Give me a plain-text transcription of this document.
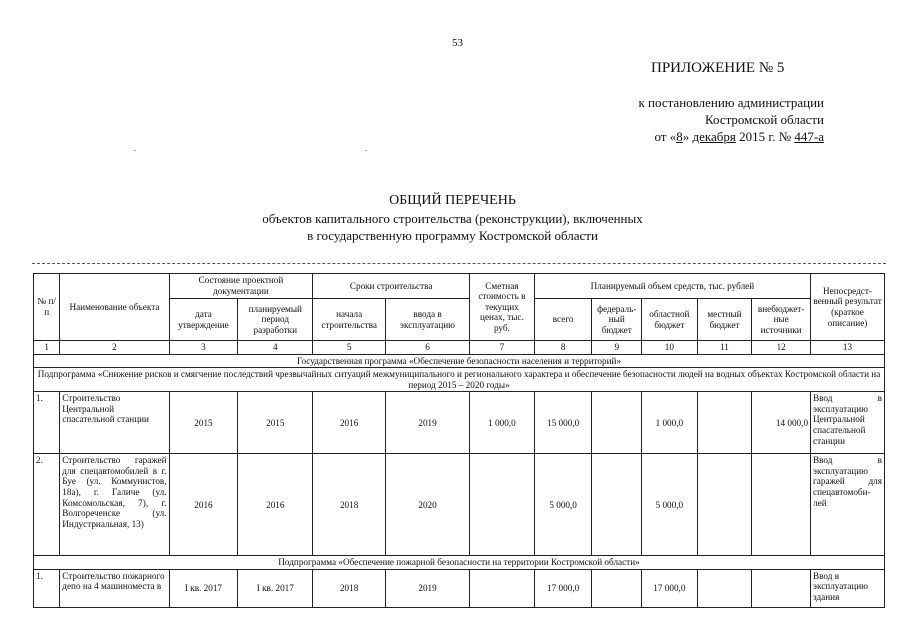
53
ПРИЛОЖЕНИЕ № 5
к постановлению администрации
Костромской области
от «8» декабря 2015 г. № 447-а
.	.
ОБЩИЙ ПЕРЕЧЕНЬ
объектов капитального строительства (реконструкции), включенных
в государственную программу Костромской области
№ п/п	Наименование объекта	Состояние проектной документации		Сроки строительства		Сметная стоимость в текущих ценах, тыс. руб.	Планируемый объем средств, тыс. рублей					Непосредст-венный результат (краткое описание)
		дата утверждение	планируемый период разработки	начала строительства	ввода в эксплуатацию		всего	федераль-ный бюджет	областной бюджет	местный бюджет	внебюджет-ные источники	
1	2	3	4	5	6	7	8	9	10	11	12	13
Государственная программа «Обеспечение безопасности населения и территорий»												
Подпрограмма «Снижение рисков и смягчение последствий чрезвычайных ситуаций межмуниципального и регионального характера и обеспечение безопасности людей на водных объектах Костромской области на период 2015 – 2020 годы»												
1.	Строительство Центральной спасательной станции	2015	2015	2016	2019	1 000,0	15 000,0		1 000,0		14 000,0	Ввод в эксплуатацию Центральной спасательной станции
2.	Строительство гаражей для спецавтомобилей в г. Буе (ул. Коммунистов, 18а), г. Галиче (ул. Комсомольская, 7), г. Волгореченске (ул. Индустриальная, 13)	2016	2016	2018	2020		5 000,0		5 000,0			Ввод в эксплуатацию гаражей для спецавтомоби-лей
Подпрограмма «Обеспечение пожарной безопасности на территории Костромской области»												
1.	Строительство пожарного депо на 4 машиноместа в	I кв. 2017	I кв. 2017	2018	2019		17 000,0		17 000,0			Ввод в эксплуатацию здания
